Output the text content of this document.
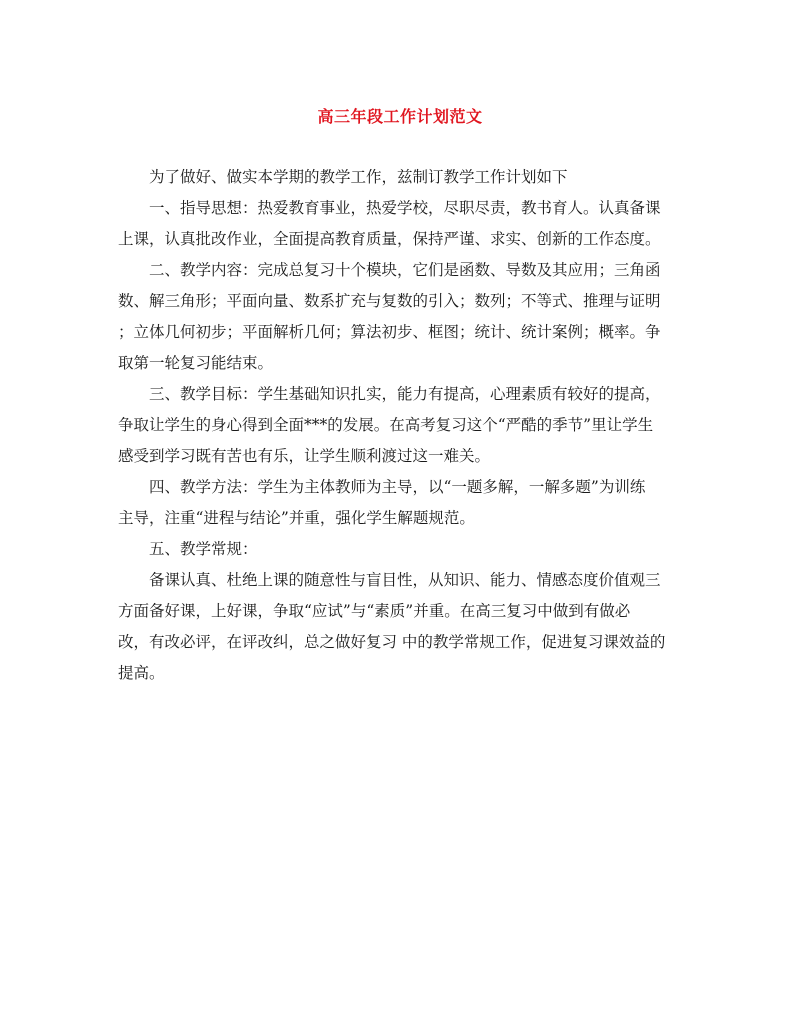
高三年段工作计划范文

为了做好、做实本学期的教学工作，兹制订教学工作计划如下

一、指导思想：热爱教育事业，热爱学校，尽职尽责，教书育人。认真备课
上课，认真批改作业，全面提高教育质量，保持严谨、求实、创新的工作态度。

二、教学内容：完成总复习十个模块，它们是函数、导数及其应用；三角函
数、解三角形；平面向量、数系扩充与复数的引入；数列；不等式、推理与证明
；立体几何初步；平面解析几何；算法初步、框图；统计、统计案例；概率。争
取第一轮复习能结束。

三、教学目标：学生基础知识扎实，能力有提高，心理素质有较好的提高，
争取让学生的身心得到全面***的发展。在高考复习这个“严酷的季节”里让学生
感受到学习既有苦也有乐，让学生顺利渡过这一难关。

四、教学方法：学生为主体教师为主导，以“一题多解，一解多题”为训练
主导，注重“进程与结论”并重，强化学生解题规范。

五、教学常规：

备课认真、杜绝上课的随意性与盲目性，从知识、能力、情感态度价值观三
方面备好课，上好课，争取“应试”与“素质”并重。在高三复习中做到有做必
改，有改必评，在评改纠，总之做好复习 中的教学常规工作，促进复习课效益的
提高。
